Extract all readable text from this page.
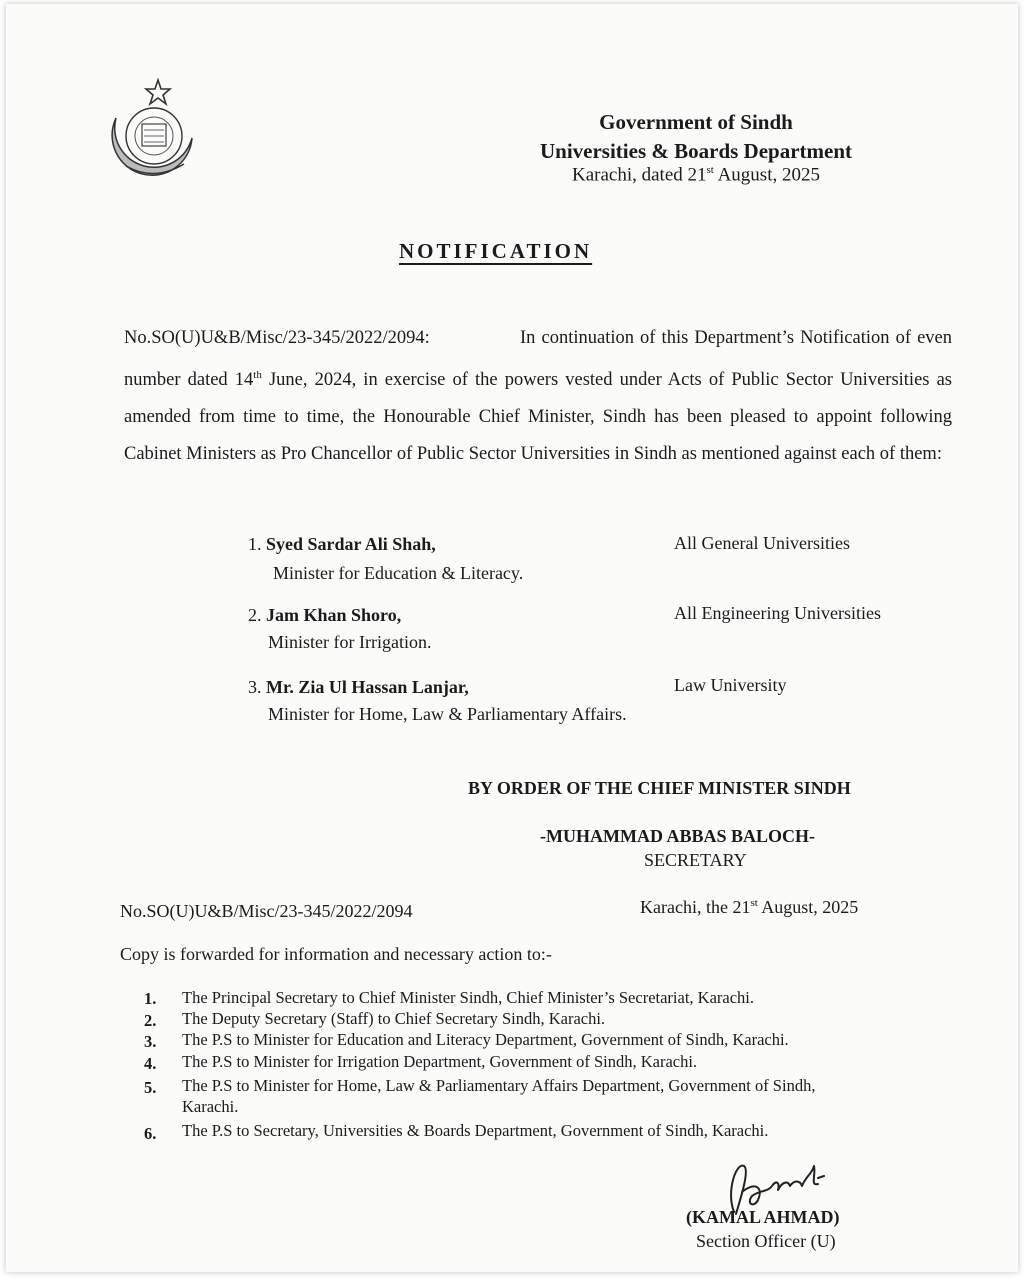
Government of Sindh
Universities & Boards Department
Karachi, dated 21st August, 2025
NOTIFICATION
No.SO(U)U&B/Misc/23-345/2022/2094:	In continuation of this Department’s Notification of even number dated 14th June, 2024, in exercise of the powers vested under Acts of Public Sector Universities as amended from time to time, the Honourable Chief Minister, Sindh has been pleased to appoint following Cabinet Ministers as Pro Chancellor of Public Sector Universities in Sindh as mentioned against each of them:
1. Syed Sardar Ali Shah,
Minister for Education & Literacy.
All General Universities
2. Jam Khan Shoro,
Minister for Irrigation.
All Engineering Universities
3. Mr. Zia Ul Hassan Lanjar,
Minister for Home, Law & Parliamentary Affairs.
Law University
BY ORDER OF THE CHIEF MINISTER SINDH
-MUHAMMAD ABBAS BALOCH-
SECRETARY
No.SO(U)U&B/Misc/23-345/2022/2094	Karachi, the 21st August, 2025
Copy is forwarded for information and necessary action to:-
1. The Principal Secretary to Chief Minister Sindh, Chief Minister’s Secretariat, Karachi.
2. The Deputy Secretary (Staff) to Chief Secretary Sindh, Karachi.
3. The P.S to Minister for Education and Literacy Department, Government of Sindh, Karachi.
4. The P.S to Minister for Irrigation Department, Government of Sindh, Karachi.
5. The P.S to Minister for Home, Law & Parliamentary Affairs Department, Government of Sindh,
Karachi.
6. The P.S to Secretary, Universities & Boards Department, Government of Sindh, Karachi.
(KAMAL AHMAD)
Section Officer (U)
